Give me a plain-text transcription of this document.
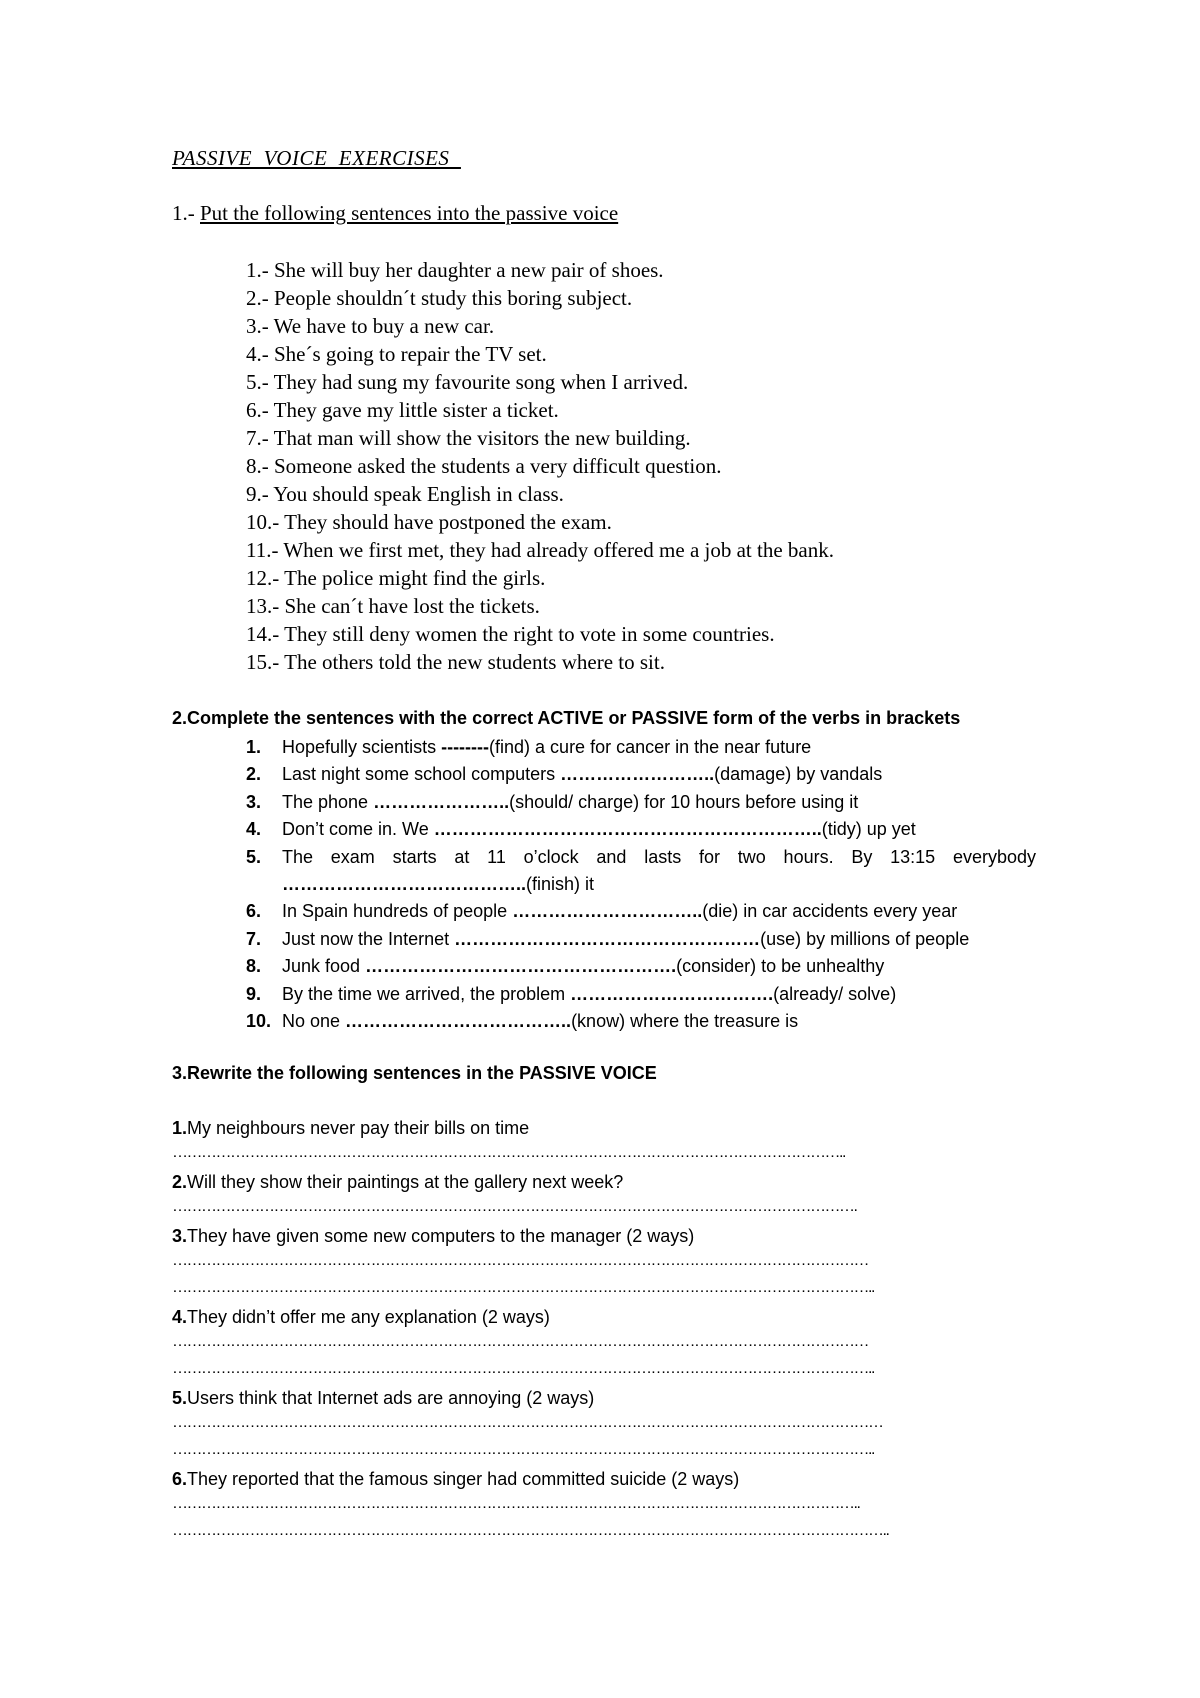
PASSIVE  VOICE  EXERCISES
1.- Put the following sentences into the passive voice
1.- She will buy her daughter a new pair of shoes.
2.- People shouldn´t study this boring subject.
3.- We have to buy a new car.
4.- She´s going to repair the TV set.
5.- They had sung my favourite song when I arrived.
6.- They gave my little sister a ticket.
7.- That man will show the visitors the new building.
8.- Someone asked the students a very difficult question.
9.- You should speak English in class.
10.- They should have postponed the exam.
11.- When we first met, they had already offered me a job at the bank.
12.- The police might find the girls.
13.- She can´t have lost the tickets.
14.- They still deny women the right to vote in some countries.
15.- The others told the new students where to sit.
2.Complete the sentences with the correct ACTIVE or PASSIVE form of the verbs in brackets
1. Hopefully scientists --------(find) a cure for cancer in the near future
2. Last night some school computers ……………………..(damage) by vandals
3. The phone …………………..(should/ charge) for 10 hours before using it
4. Don’t come in. We ………………………………………………………..(tidy) up yet
5. The exam starts at 11 o’clock and lasts for two hours. By 13:15 everybody
…………………………………..(finish) it
6. In Spain hundreds of people …………………………..(die) in car accidents every year
7. Just now the Internet ……………………………………………(use) by millions of people
8. Junk food …………………………………………….(consider) to be unhealthy
9. By the time we arrived, the problem …………………………….(already/ solve)
10. No one ………………………………..(know) where the treasure is
3.Rewrite the following sentences in the PASSIVE VOICE
1.My neighbours never pay their bills on time
…………………………………………………………………………………………………………………………..
2.Will they show their paintings at the gallery next week?
…………………………………………………………………………………………………………………………….
3.They have given some new computers to the manager (2 ways)
………………………………………………………………………………………………………………………………
………………………………………………………………………………………………………………………………..
4.They didn’t offer me any explanation (2 ways)
………………………………………………………………………………………………………………………………
………………………………………………………………………………………………………………………………..
5.Users think that Internet ads are annoying (2 ways)
…………………………………………………………………………………………………………………………………
………………………………………………………………………………………………………………………………..
6.They reported that the famous singer had committed suicide (2 ways)
……………………………………………………………………………………………………………………………..
…………………………………………………………………………………………………………………………………..
